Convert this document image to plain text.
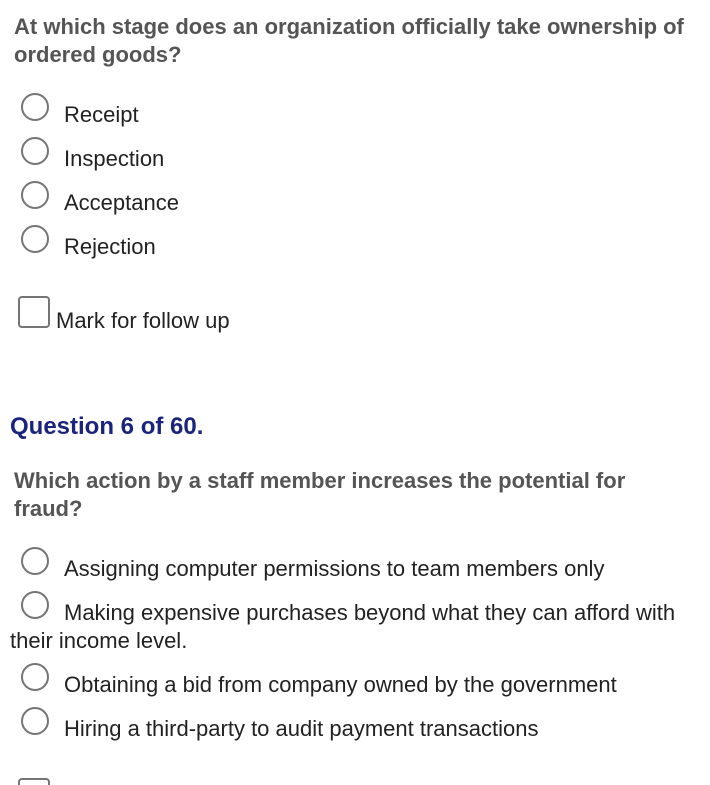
At which stage does an organization officially take ownership of ordered goods?

Receipt
Inspection
Acceptance
Rejection
Mark for follow up
Question 6 of 60.

Which action by a staff member increases the potential for fraud?

Assigning computer permissions to team members only

Making expensive purchases beyond what they can afford with their income level.

Obtaining a bid from company owned by the government
Hiring a third-party to audit payment transactions
